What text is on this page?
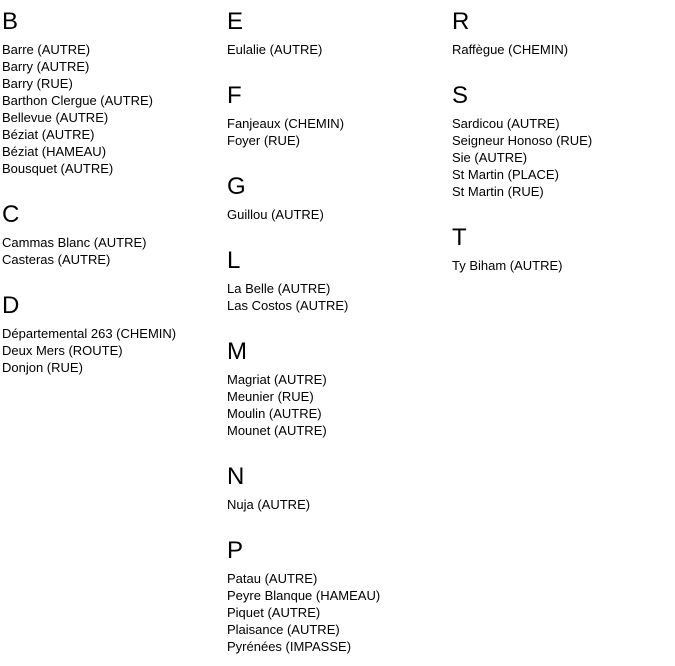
B
Barre (AUTRE)
Barry (AUTRE)
Barry (RUE)
Barthon Clergue (AUTRE)
Bellevue (AUTRE)
Béziat (AUTRE)
Béziat (HAMEAU)
Bousquet (AUTRE)
C
Cammas Blanc (AUTRE)
Casteras (AUTRE)
D
Départemental 263 (CHEMIN)
Deux Mers (ROUTE)
Donjon (RUE)
E
Eulalie (AUTRE)
F
Fanjeaux (CHEMIN)
Foyer (RUE)
G
Guillou (AUTRE)
L
La Belle (AUTRE)
Las Costos (AUTRE)
M
Magriat (AUTRE)
Meunier (RUE)
Moulin (AUTRE)
Mounet (AUTRE)
N
Nuja (AUTRE)
P
Patau (AUTRE)
Peyre Blanque (HAMEAU)
Piquet (AUTRE)
Plaisance (AUTRE)
Pyrénées (IMPASSE)
R
Raffègue (CHEMIN)
S
Sardicou (AUTRE)
Seigneur Honoso (RUE)
Sie (AUTRE)
St Martin (PLACE)
St Martin (RUE)
T
Ty Biham (AUTRE)
